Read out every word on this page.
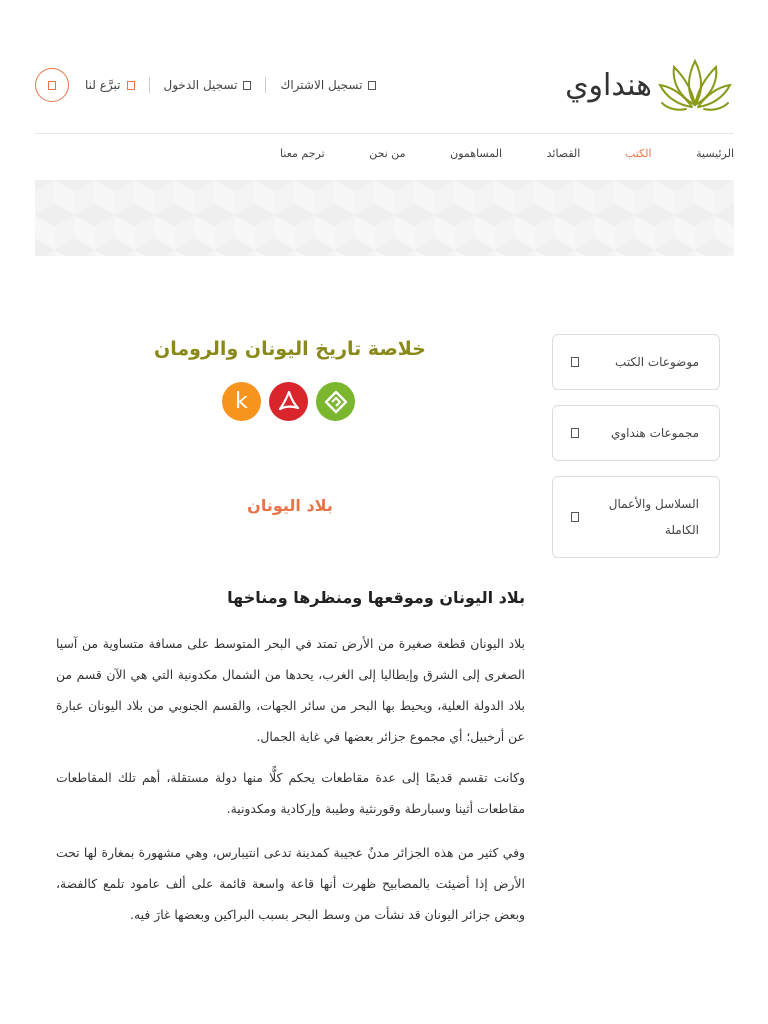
هنداوي
تبرَّع لنا	تسجيل الدخول	تسجيل الاشتراك
الرئيسية
الكتب
القصائد
المساهمون
من نحن
ترجم معنا
موضوعات الكتب
مجموعات هنداوي
السلاسل والأعمال الكاملة
خلاصة تاريخ اليونان والرومان
k
بلاد اليونان
بلاد اليونان وموقعها ومنظرها ومناخها

بلاد اليونان قطعة صغيرة من الأرض تمتد في البحر المتوسط على مسافة متساوية من آسيا الصغرى إلى الشرق وإيطاليا إلى الغرب، يحدها من الشمال مكدونية التي هي الآن قسم من بلاد الدولة العلية، ويحيط بها البحر من سائر الجهات، والقسم الجنوبي من بلاد اليونان عبارة عن أرخبيل؛ أي مجموع جزائر بعضها في غاية الجمال.

وكانت تقسم قديمًا إلى عدة مقاطعات يحكم كلًّا منها دولة مستقلة، أهم تلك المقاطعات مقاطعات أثينا وسبارطة وقورنثية وطيبة وإركادية ومكدونية.

وفي كثير من هذه الجزائر مدنٌ عجيبة كمدينة تدعى انتيبارس، وهي مشهورة بمغارة لها تحت الأرض إذا أضيئت بالمصابيح ظهرت أنها قاعة واسعة قائمة على ألف عامود تلمع كالفضة، وبعض جزائر اليونان قد نشأت من وسط البحر بسبب البراكين وبعضها غارَ فيه.
